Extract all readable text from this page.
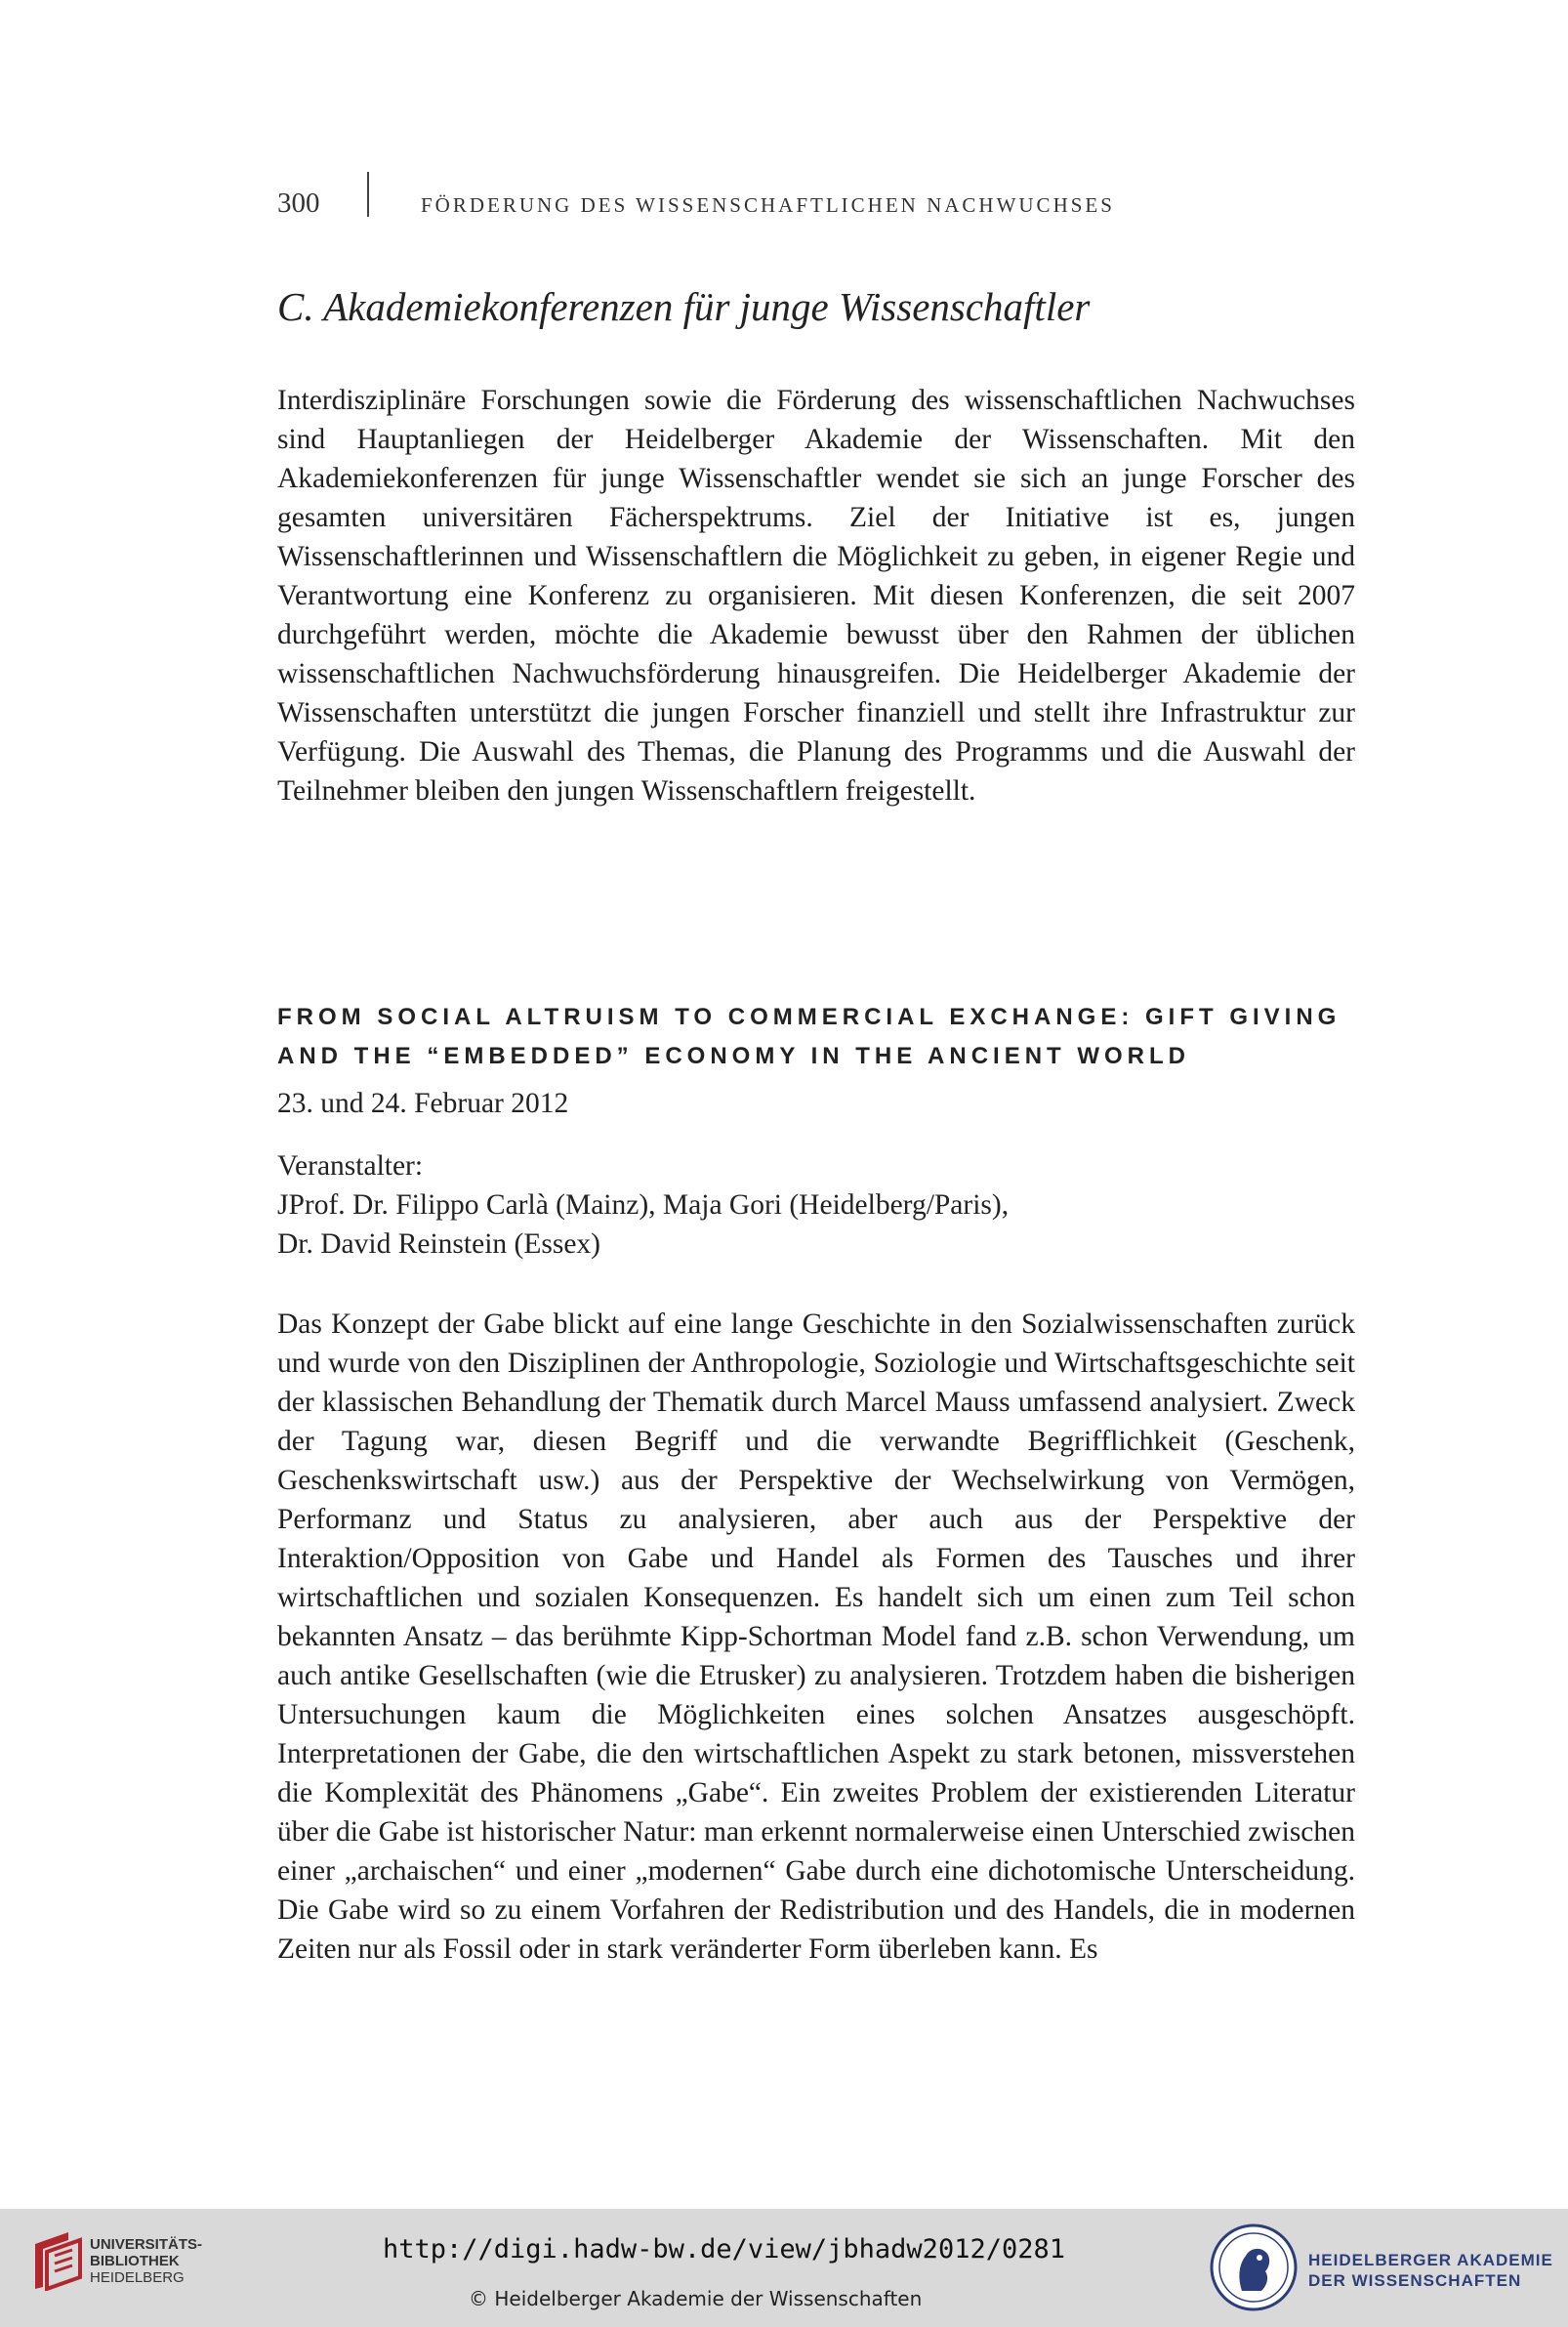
300	FÖRDERUNG DES WISSENSCHAFTLICHEN NACHWUCHSES
C. Akademiekonferenzen für junge Wissenschaftler

Interdisziplinäre Forschungen sowie die Förderung des wissenschaftlichen Nachwuchses sind Hauptanliegen der Heidelberger Akademie der Wissenschaften. Mit den Akademiekonferenzen für junge Wissenschaftler wendet sie sich an junge Forscher des gesamten universitären Fächerspektrums. Ziel der Initiative ist es, jungen Wissenschaftlerinnen und Wissenschaftlern die Möglichkeit zu geben, in eigener Regie und Verantwortung eine Konferenz zu organisieren. Mit diesen Konferenzen, die seit 2007 durchgeführt werden, möchte die Akademie bewusst über den Rahmen der üblichen wissenschaftlichen Nachwuchsförderung hinausgreifen. Die Heidelberger Akademie der Wissenschaften unterstützt die jungen Forscher finanziell und stellt ihre Infrastruktur zur Verfügung. Die Auswahl des Themas, die Planung des Programms und die Auswahl der Teilnehmer bleiben den jungen Wissenschaftlern freigestellt.

FROM SOCIAL ALTRUISM TO COMMERCIAL EXCHANGE: GIFT GIVING AND THE “EMBEDDED” ECONOMY IN THE ANCIENT WORLD
23. und 24. Februar 2012
Veranstalter:
JProf. Dr. Filippo Carlà (Mainz), Maja Gori (Heidelberg/Paris),
Dr. David Reinstein (Essex)

Das Konzept der Gabe blickt auf eine lange Geschichte in den Sozialwissenschaften zurück und wurde von den Disziplinen der Anthropologie, Soziologie und Wirtschaftsgeschichte seit der klassischen Behandlung der Thematik durch Marcel Mauss umfassend analysiert. Zweck der Tagung war, diesen Begriff und die verwandte Begrifflichkeit (Geschenk, Geschenkswirtschaft usw.) aus der Perspektive der Wechselwirkung von Vermögen, Performanz und Status zu analysieren, aber auch aus der Perspektive der Interaktion/Opposition von Gabe und Handel als Formen des Tausches und ihrer wirtschaftlichen und sozialen Konsequenzen. Es handelt sich um einen zum Teil schon bekannten Ansatz – das berühmte Kipp-Schortman Model fand z.B. schon Verwendung, um auch antike Gesellschaften (wie die Etrusker) zu analysieren. Trotzdem haben die bisherigen Untersuchungen kaum die Möglichkeiten eines solchen Ansatzes ausgeschöpft. Interpretationen der Gabe, die den wirtschaftlichen Aspekt zu stark betonen, missverstehen die Komplexität des Phänomens „Gabe“. Ein zweites Problem der existierenden Literatur über die Gabe ist historischer Natur: man erkennt normalerweise einen Unterschied zwischen einer „archaischen“ und einer „modernen“ Gabe durch eine dichotomische Unterscheidung. Die Gabe wird so zu einem Vorfahren der Redistribution und des Handels, die in modernen Zeiten nur als Fossil oder in stark veränderter Form überleben kann. Es

UNIVERSITÄTS-
BIBLIOTHEK
HEIDELBERG
http://digi.hadw-bw.de/view/jbhadw2012/0281
© Heidelberger Akademie der Wissenschaften
HEIDELBERGER AKADEMIE
DER WISSENSCHAFTEN
